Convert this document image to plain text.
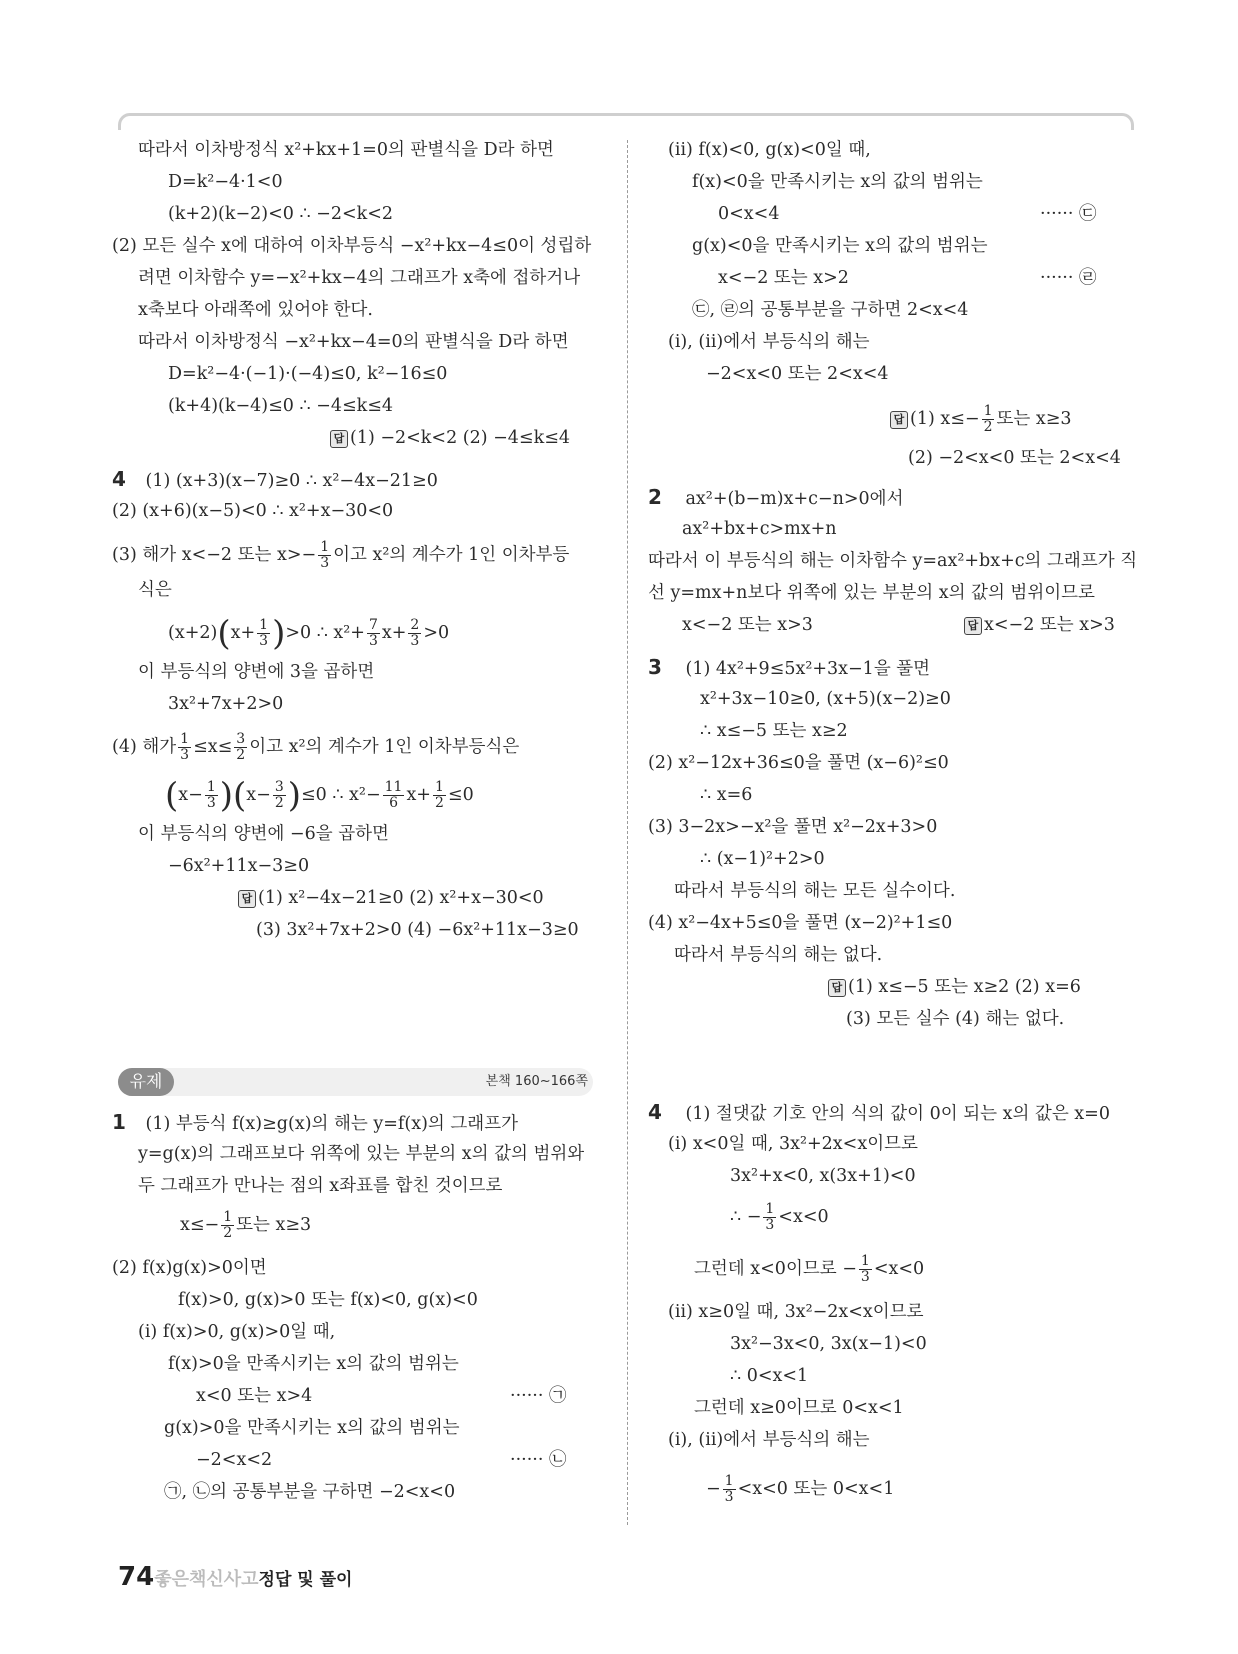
따라서 이차방정식 x²+kx+1=0의 판별식을 D라 하면
D=k²−4·1<0
(k+2)(k−2)<0 ∴ −2<k<2
(2) 모든 실수 x에 대하여 이차부등식 −x²+kx−4≤0이 성립하
려면 이차함수 y=−x²+kx−4의 그래프가 x축에 접하거나
x축보다 아래쪽에 있어야 한다.
따라서 이차방정식 −x²+kx−4=0의 판별식을 D라 하면
D=k²−4·(−1)·(−4)≤0, k²−16≤0
(k+4)(k−4)≤0 ∴ −4≤k≤4
답 (1) −2<k<2 (2) −4≤k≤4
4 (1) (x+3)(x−7)≥0 ∴ x²−4x−21≥0
(2) (x+6)(x−5)<0 ∴ x²+x−30<0
(3) 해가 x<−2 또는 $x>- \frac{1}{3}$ 이고 x²의 계수가 1인 이차부등
식은
$(x+2)(x+ \frac{1}{3} )>0$ ∴ $x^2+ \frac{7}{3} x+ \frac{2}{3} >0$
이 부등식의 양변에 3을 곱하면
3x²+7x+2>0
(4) 해가 $\frac{1}{3} \le x\le \frac{3}{2}$ 이고 x²의 계수가 1인 이차부등식은
$(x- \frac{1}{3} )(x- \frac{3}{2} )\le 0$ ∴ $x^2- \frac{11}{6} x+ \frac{1}{2} \le 0$
이 부등식의 양변에 −6을 곱하면
−6x²+11x−3≥0
답 (1) x²−4x−21≥0 (2) x²+x−30<0
(3) 3x²+7x+2>0 (4) −6x²+11x−3≥0
유제	본책 160~166쪽
1 (1) 부등식 f(x)≥g(x)의 해는 y=f(x)의 그래프가
y=g(x)의 그래프보다 위쪽에 있는 부분의 x의 값의 범위와
두 그래프가 만나는 점의 x좌표를 합친 것이므로
$x\le- \frac{1}{2}$ 또는 x≥3
(2) f(x)g(x)>0이면
f(x)>0, g(x)>0 또는 f(x)<0, g(x)<0
(ⅰ) f(x)>0, g(x)>0일 때,
f(x)>0을 만족시키는 x의 값의 범위는
x<0 또는 x>4	······ ㉠
g(x)>0을 만족시키는 x의 값의 범위는
−2<x<2	······ ㉡
㉠, ㉡의 공통부분을 구하면 −2<x<0
(ⅱ) f(x)<0, g(x)<0일 때,
f(x)<0을 만족시키는 x의 값의 범위는
0<x<4	······ ㉢
g(x)<0을 만족시키는 x의 값의 범위는
x<−2 또는 x>2	······ ㉣
㉢, ㉣의 공통부분을 구하면 2<x<4
(ⅰ), (ⅱ)에서 부등식의 해는
−2<x<0 또는 2<x<4
답 (1) $x\le- \frac{1}{2}$ 또는 x≥3
(2) −2<x<0 또는 2<x<4
2 ax²+(b−m)x+c−n>0에서
ax²+bx+c>mx+n
따라서 이 부등식의 해는 이차함수 y=ax²+bx+c의 그래프가 직
선 y=mx+n보다 위쪽에 있는 부분의 x의 값의 범위이므로
x<−2 또는 x>3	답 x<−2 또는 x>3
3 (1) 4x²+9≤5x²+3x−1을 풀면
x²+3x−10≥0, (x+5)(x−2)≥0
∴ x≤−5 또는 x≥2
(2) x²−12x+36≤0을 풀면 (x−6)²≤0
∴ x=6
(3) 3−2x>−x²을 풀면 x²−2x+3>0
∴ (x−1)²+2>0
따라서 부등식의 해는 모든 실수이다.
(4) x²−4x+5≤0을 풀면 (x−2)²+1≤0
따라서 부등식의 해는 없다.
답 (1) x≤−5 또는 x≥2 (2) x=6
(3) 모든 실수 (4) 해는 없다.
4 (1) 절댓값 기호 안의 식의 값이 0이 되는 x의 값은 x=0
(ⅰ) x<0일 때, 3x²+2x<x이므로
3x²+x<0, x(3x+1)<0
∴ − $\frac{1}{3} <x<0$
그런데 x<0이므로 − $\frac{1}{3} <x<0$
(ⅱ) x≥0일 때, 3x²−2x<x이므로
3x²−3x<0, 3x(x−1)<0
∴ 0<x<1
그런데 x≥0이므로 0<x<1
(ⅰ), (ⅱ)에서 부등식의 해는
− $\frac{1}{3} <x<0$ 또는 0<x<1
74좋은책신사고정답 및 풀이
